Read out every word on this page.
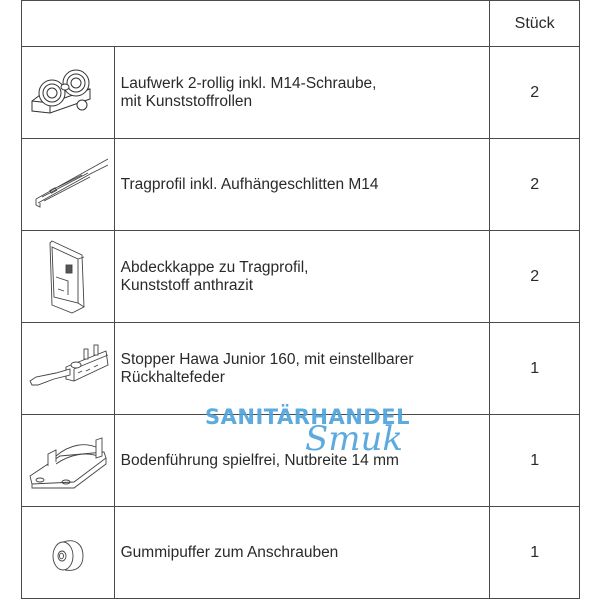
		Stück

Laufwerk 2-rollig inkl. M14-Schraube,
mit Kunststoffrollen	2

Tragprofil inkl. Aufhängeschlitten M14	2

Abdeckkappe zu Tragprofil,
Kunststoff anthrazit	2

Stopper Hawa Junior 160, mit einstellbarer
Rückhaltefeder	1

Bodenführung spielfrei, Nutbreite 14 mm	1

Gummipuffer zum Anschrauben	1
SANITÄRHANDEL
Smuk
